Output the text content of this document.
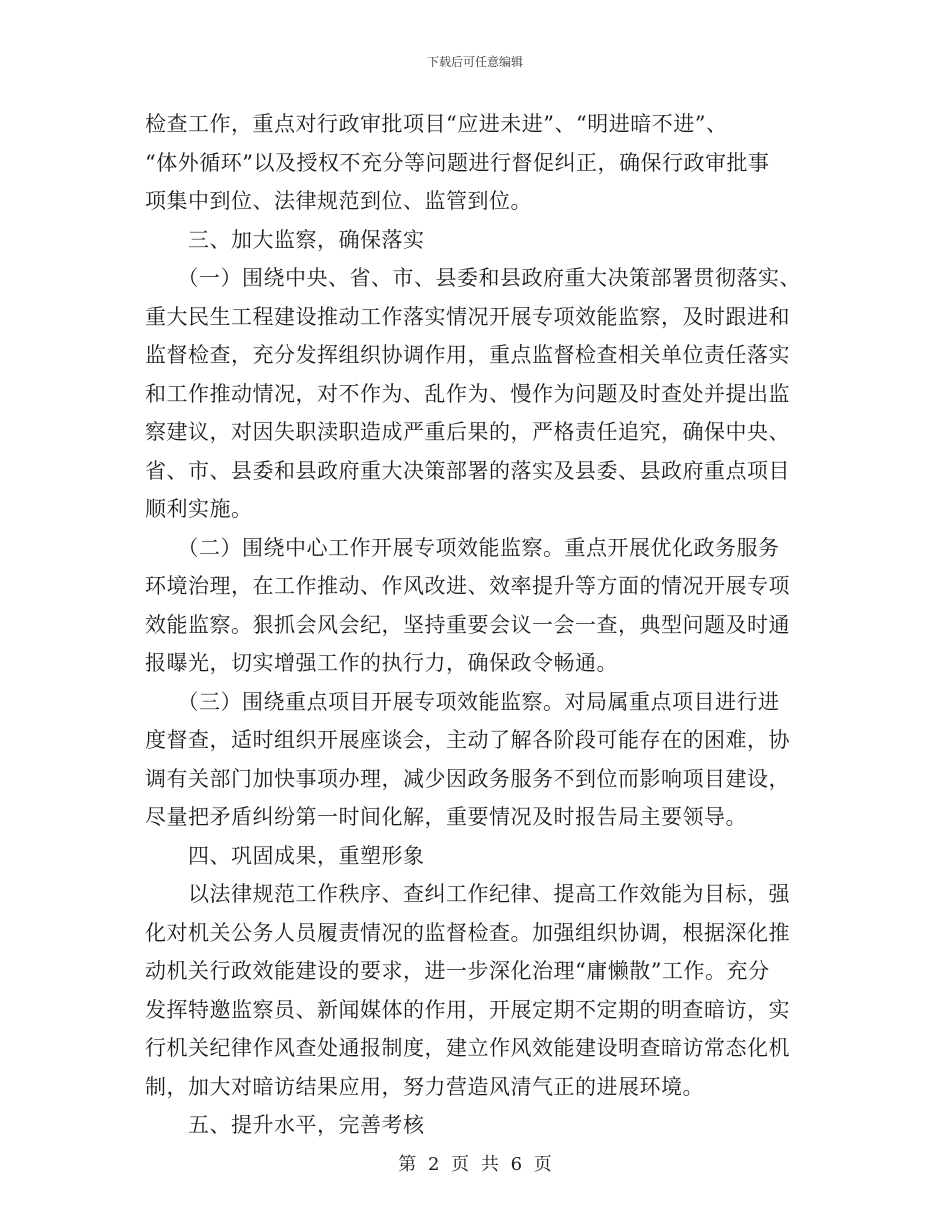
下载后可任意编辑
检查工作，重点对行政审批项目“应进未进”、“明进暗不进”、
“体外循环”以及授权不充分等问题进行督促纠正，确保行政审批事
项集中到位、法律规范到位、监管到位。
　　三、加大监察，确保落实
　　（一）围绕中央、省、市、县委和县政府重大决策部署贯彻落实、
重大民生工程建设推动工作落实情况开展专项效能监察，及时跟进和
监督检查，充分发挥组织协调作用，重点监督检查相关单位责任落实
和工作推动情况，对不作为、乱作为、慢作为问题及时查处并提出监
察建议，对因失职渎职造成严重后果的，严格责任追究，确保中央、
省、市、县委和县政府重大决策部署的落实及县委、县政府重点项目
顺利实施。
　　（二）围绕中心工作开展专项效能监察。重点开展优化政务服务
环境治理，在工作推动、作风改进、效率提升等方面的情况开展专项
效能监察。狠抓会风会纪，坚持重要会议一会一查，典型问题及时通
报曝光，切实增强工作的执行力，确保政令畅通。
　　（三）围绕重点项目开展专项效能监察。对局属重点项目进行进
度督查，适时组织开展座谈会，主动了解各阶段可能存在的困难，协
调有关部门加快事项办理，减少因政务服务不到位而影响项目建设，
尽量把矛盾纠纷第一时间化解，重要情况及时报告局主要领导。
　　四、巩固成果，重塑形象
　　以法律规范工作秩序、查纠工作纪律、提高工作效能为目标，强
化对机关公务人员履责情况的监督检查。加强组织协调，根据深化推
动机关行政效能建设的要求，进一步深化治理“庸懒散”工作。充分
发挥特邀监察员、新闻媒体的作用，开展定期不定期的明查暗访，实
行机关纪律作风查处通报制度，建立作风效能建设明查暗访常态化机
制，加大对暗访结果应用，努力营造风清气正的进展环境。
　　五、提升水平，完善考核
第 2 页 共 6 页
